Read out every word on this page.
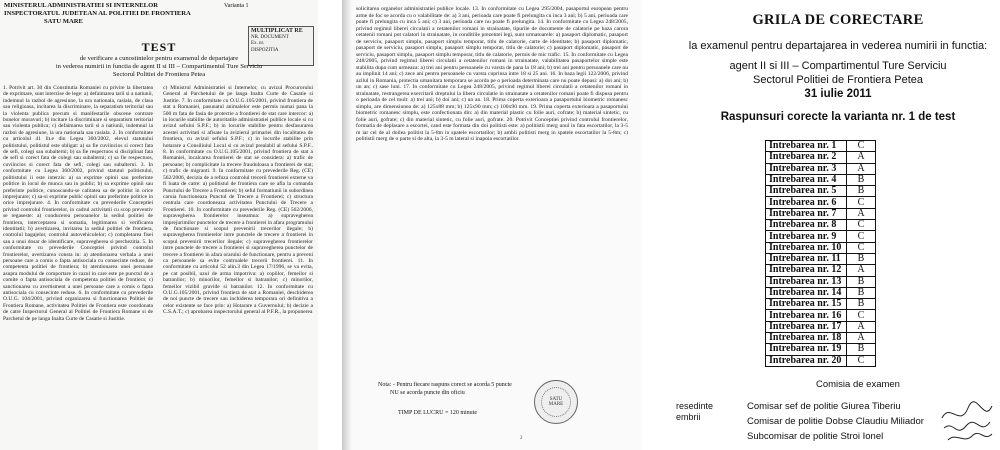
MINISTERUL ADMINISTRATIEI SI INTERNELOR
INSPECTORATUL JUDETEAN AL POLITIEI DE FRONTIERA
SATU MARE
Varianta 1
MULTIPLICAT RE
NR. DOCUMENT
Ex. nr.
DISPOZITIA
TEST
de verificare a cunostintelor pentru examenul de departajare
in vederea numirii in functia de agent II si III – Compartimentul Ture Serviciu
Sectorul Politiei de Frontiera Petea
1. Potrivit art. 30 din Constitutia Romaniei cu privire la libertatea de exprimare, sunt interzise de lege: a) defaimarea tarii si a natiunii, indemnul la razboi de agresiune, la ura nationala, rasiala, de clasa sau religioasa, incitarea la discriminare, la separatism teritorial sau la violenta publica precum si manifestarile obscene contrare bunelor moravuri; b) incitare la discriminare si separatism teritorial sau violenta publica; c) defaimarea tarii si a natiunii, indemnul la razboi de agresiune, la ura nationala sau rasiala. 2. In conformitate cu articolul 41 lit.e din Legea 360/2002, elevul statutului politistului, politistul este obligat: a) sa fie cuviincios si corect fata de sefi, colegi sau subalterni; b) sa fie respectuos si disciplinat fata de sefi si corect fata de colegi sau subalterni; c) sa fie respectuos, cuviincios si corect fata de sefi, colegi sau subalterni. 3. In conformitate cu Legea 360/2002, privind statutul politistului, politistului ii este interzis: a) sa exprime opinii sau preferinte politice in locul de munca sau in public; b) sa exprime opinii sau preferinte politice, cunoscandu-se calitatea sa de politist in orice imprejurare; c) sa-si exprime public opinii sau preferinte politice in orice imprejurare. 4. In conformitate cu prevederile Conceptiei privind controlul frontierelor, in cadrul activitatii cu scop preventiv se regaseste: a) conducerea persoanelor la sediul politiei de frontiera, interceptarea si somatia, legitimarea si verificarea identitatii; b) avertizarea, invitarea la sediul politiei de frontiera, controlul bagajelor, controlul autovehiculelor; c) completarea fisei sau a unui dosar de identificare, supravegherea si perchezitia. 5. In conformitate cu prevederile Conceptiei privind controlul frontierelor, avertizarea consta in: a) atentionarea verbala a unei persoane care a comis o fapta antisociala cu consecinte reduse, de competenta politiei de frontiera; b) atentionarea unei persoane asupra modului de comportare in cazul in care este pe punctul de a comite o fapta antisociala de competenta politiei de frontiera; c) sanctionarea cu avertisment a unei persoane care a comis o fapta antisociala cu consecinte reduse. 6. In conformitate cu prevederile O.U.G. 104/2001, privind organizarea si functionarea Politiei de Frontiera Romane, activitatea Politiei de Frontiera este coordonata de catre Inspectorul General al Politiei de Frontiera Romane si de Parchetul de pe langa Inalta Curte de Casatie si Justitie.
c) Ministrul Administratiei si Internelor, cu avizul Procurorului General al Parchetului de pe langa Inalta Curte de Casatie si Justitie. 7. In conformitate cu O.U.G.105/2001, privind frontiera de stat a Romaniei, pasunatul animalelor este permis numai pana la 500 m fata de fasia de protectie a frontierei de stat care intercor: a) in locurile stabilite de autoritatile administratiei publice locale si cu avizul sefului S.P.F.; b) in locurile stabilite pentru desfasurarea acestei activitati si afisate la avizierul primariei din localitatea de frontiera, cu avizul sefului S.P.F.; c) in locurile stabilite prin hotarare a Consiliului Local si cu avizul prealabil al sefului S.P.F.. 8. In conformitate cu O.U.G.105/2001, privind frontiera de stat a Romaniei, incalcarea frontierei de stat se considera: a) trafic de persoane; b) complicitate la trecere frauduloasa a frontierei de stat; c) trafic de migranti. 9. In conformitate cu prevederile Reg. (CE) 562/2006, decizia de a refuza controlul trecerii frontierei externe va fi luata de catre: a) politistul de frontiera care se afla la comanda Punctului de Trecere a Frontierei; b) seful formatiunii in subordinea caruia functioneaza Punctul de Trecere a Frontierei; c) structura centrala care coordoneaza activitatea Punctului de Trecere a Frontierei. 10. In conformitate cu prevederile Reg. (CE) 562/2006, supravegherea frontierelor inseamna: a) supravegherea imprejurimilor punctelor de trecere a frontierei in afara programului de functionare si scopul prevenirii trecerilor ilegale; b) supravegherea frontierelor intre punctele de trecere a frontierei in scopul prevenirii trecerilor ilegale; c) supravegherea frontierelor intre punctele de trecere a frontierei si supravegherea punctelor de trecere a frontierei in afara orarului de functionare, pentru a preveni ca persoanele sa evite controalele trecerii frontierei. 11. In conformitate cu articolul 52 alin.3 din Legea 17/1996, se va evita, pe cat posibil, uzul de arma impotriva: a) copiilor, femeilor si batranilor; b) minorilor, femeilor si batranilor; c) minorilor, femeilor vizibil gravide si batranilor. 12. In conformitate cu O.U.G.105/2001, privind frontiera de stat a Romaniei, deschiderea de noi puncte de trecere sau inchiderea temporara ori definitiva a celor existente se face prin: a) Hotarare a Guvernului; b) decizie a C.S.A.T.; c) aprobarea inspectorului general al P.F.R., la propunerea
solicitarea organelor administratiei publice locale. 13. In conformitate cu Legea 295/2004, pasaportul european pentru arme de foc se acorda cu o valabilitate de: a) 3 ani, perioada care poate fi prelungita cu inca 3 ani; b) 5 ani, perioada care poate fi prelungita cu inca 5 ani; c) 3 ani, perioada care nu poate fi prelungita. 14. In conformitate cu Legea 248/2005, privind regimul liberei circulatii a cetatenilor romani in strainatate, tipurile de documente de calatorie pe baza carora cetatenii romani pot calatori in strainatate, in conditiile prezentei legi, sunt urmatoarele: a) pasaport diplomatic, pasaport de serviciu, pasaport simplu, pasaport simplu temporar, titlu de calatorie, carte de identitate; b) pasaport diplomatic, pasaport de serviciu, pasaport simplu, pasaport simplu temporar, titlu de calatorie; c) pasaport diplomatic, pasaport de serviciu, pasaport simplu, pasaport simplu temporar, titlu de calatorie, permis de mic trafic. 15. In conformitate cu Legea 248/2005, privind regimul liberei circulatii a cetatenilor romani in strainatate, valabilitatea pasaportelor simple este stabilita dupa cum urmeaza: a) trei ani pentru persoanele cu varsta de pana la 18 ani; b) trei ani pentru persoanele care nu au implinit 14 ani; c) zece ani pentru persoanele cu varsta cuprinsa intre 18 si 25 ani. 16. In baza legii 122/2006, privind azilul in Romania, protectia umanitara temporara se acorda pe o perioada determinata care nu poate depasi: a) doi ani; b) un an; c) sase luni. 17. In conformitate cu Legea 248/2005, privind regimul liberei circulatii a cetatenilor romani in strainatate, restrangerea exercitarii dreptului la libera circulatie in strainatate a cetatenilor romani poate fi dispusa pentru o perioada de cel mult: a) trei ani; b) doi ani; c) un an. 18. Prima coperta exterioara a pasaportului biometric romanesc simplu, are dimensiunea de: a) 125x88 mm; b) 125x90 mm; c) 100x90 mm. 19. Prima coperta exterioara a pasaportului biometric romanesc simplu, este confectionata din: a) din material plastic cu folie auri, cofrate; b) material sintetic, cu folie auri, gofrate; c) din material sintetic, cu folie auri, gofrate. 20. Potrivit Conceptiei privind controlul frontierelor, formatia de deplasare a escortei, cand este formata din doi politisti este: a) politistii merg unul in fata escortatilor, la 3-5 m iar cel de al doilea politist la 5-8m in spatele escortatilor; b) ambii politisti merg in spatele escortatilor la 5-8m; c) politistii merg de o parte si de alta, la 3-5 m lateral si inapoia escortatilor.
Nota: - Pentru fiecare raspuns corect se acorda 5 puncte
NU se acorda puncte din oficiu
TIMP DE LUCRU = 120 minute
SATU MARE
2
GRILA DE CORECTARE
la examenul pentru departajarea in vederea numirii in functia:
agent II si III – Compartimentul Ture Serviciu
Sectorul Politiei de Frontiera Petea
31 iulie 2011
Raspunsuri corecte la varianta nr. 1 de test
Intrebarea nr. 1	C
Intrebarea nr. 2	A
Intrebarea nr. 3	A
Intrebarea nr. 4	B
Intrebarea nr. 5	B
Intrebarea nr. 6	C
Intrebarea nr. 7	A
Intrebarea nr. 8	C
Intrebarea nr. 9	C
Intrebarea nr. 10	C
Intrebarea nr. 11	B
Intrebarea nr. 12	A
Intrebarea nr. 13	B
Intrebarea nr. 14	B
Intrebarea nr. 15	B
Intrebarea nr. 16	C
Intrebarea nr. 17	A
Intrebarea nr. 18	A
Intrebarea nr. 19	B
Intrebarea nr. 20	C
Comisia de examen
resedinte
embrii
Comisar sef de politie Giurea Tiberiu
Comisar de politie Dobse Claudiu Miliador
Subcomisar de politie Stroi Ionel
